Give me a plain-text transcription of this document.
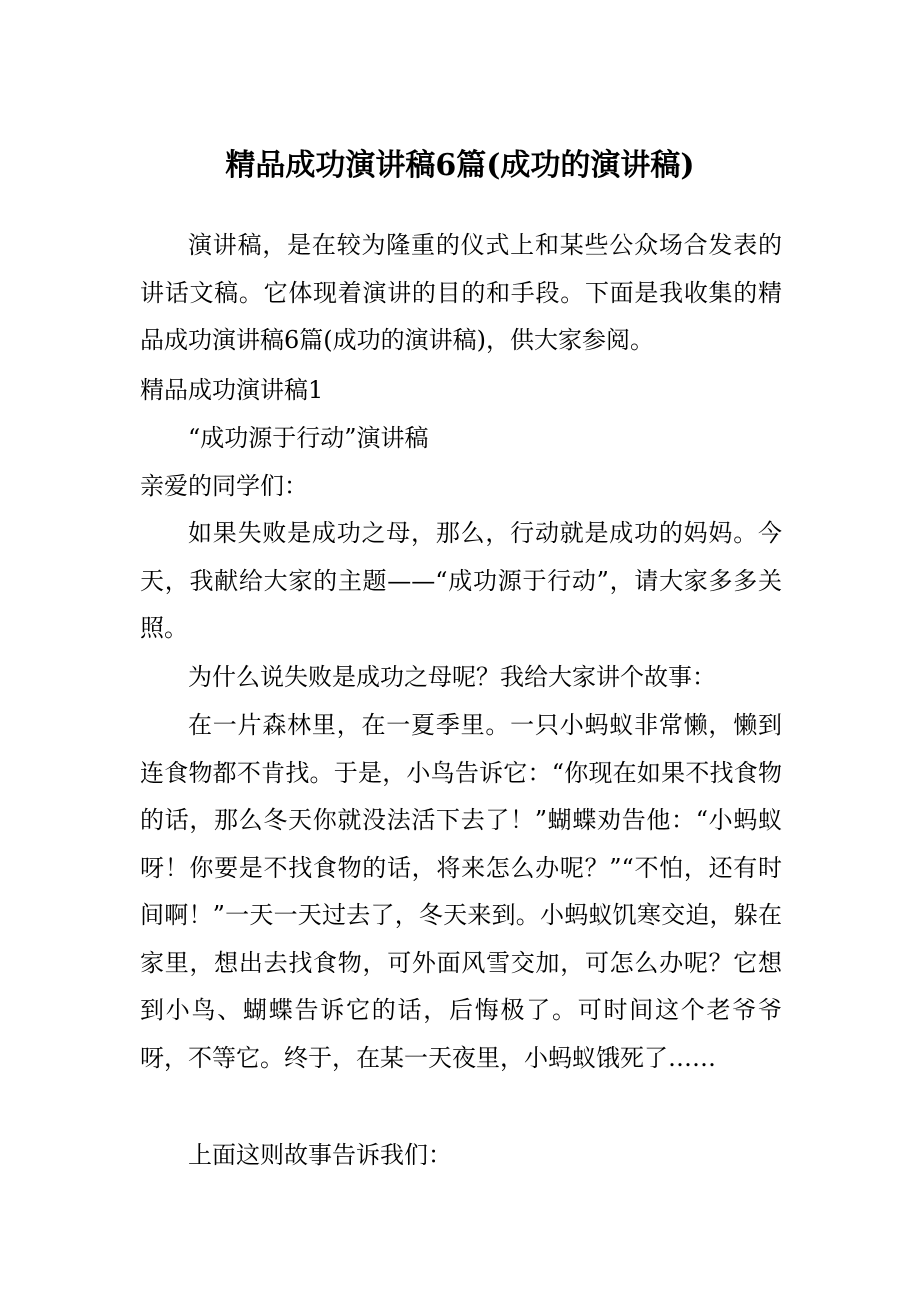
精品成功演讲稿6篇(成功的演讲稿)
演讲稿，是在较为隆重的仪式上和某些公众场合发表的讲话文稿。它体现着演讲的目的和手段。下面是我收集的精品成功演讲稿6篇(成功的演讲稿)，供大家参阅。
精品成功演讲稿1
“成功源于行动”演讲稿
亲爱的同学们：
如果失败是成功之母，那么，行动就是成功的妈妈。今天，我献给大家的主题——“成功源于行动”，请大家多多关照。
为什么说失败是成功之母呢？我给大家讲个故事：
在一片森林里，在一夏季里。一只小蚂蚁非常懒，懒到连食物都不肯找。于是，小鸟告诉它：“你现在如果不找食物的话，那么冬天你就没法活下去了！”蝴蝶劝告他：“小蚂蚁呀！你要是不找食物的话，将来怎么办呢？”“不怕，还有时间啊！”一天一天过去了，冬天来到。小蚂蚁饥寒交迫，躲在家里，想出去找食物，可外面风雪交加，可怎么办呢？它想到小鸟、蝴蝶告诉它的话，后悔极了。可时间这个老爷爷呀，不等它。终于，在某一天夜里，小蚂蚁饿死了……
上面这则故事告诉我们：
